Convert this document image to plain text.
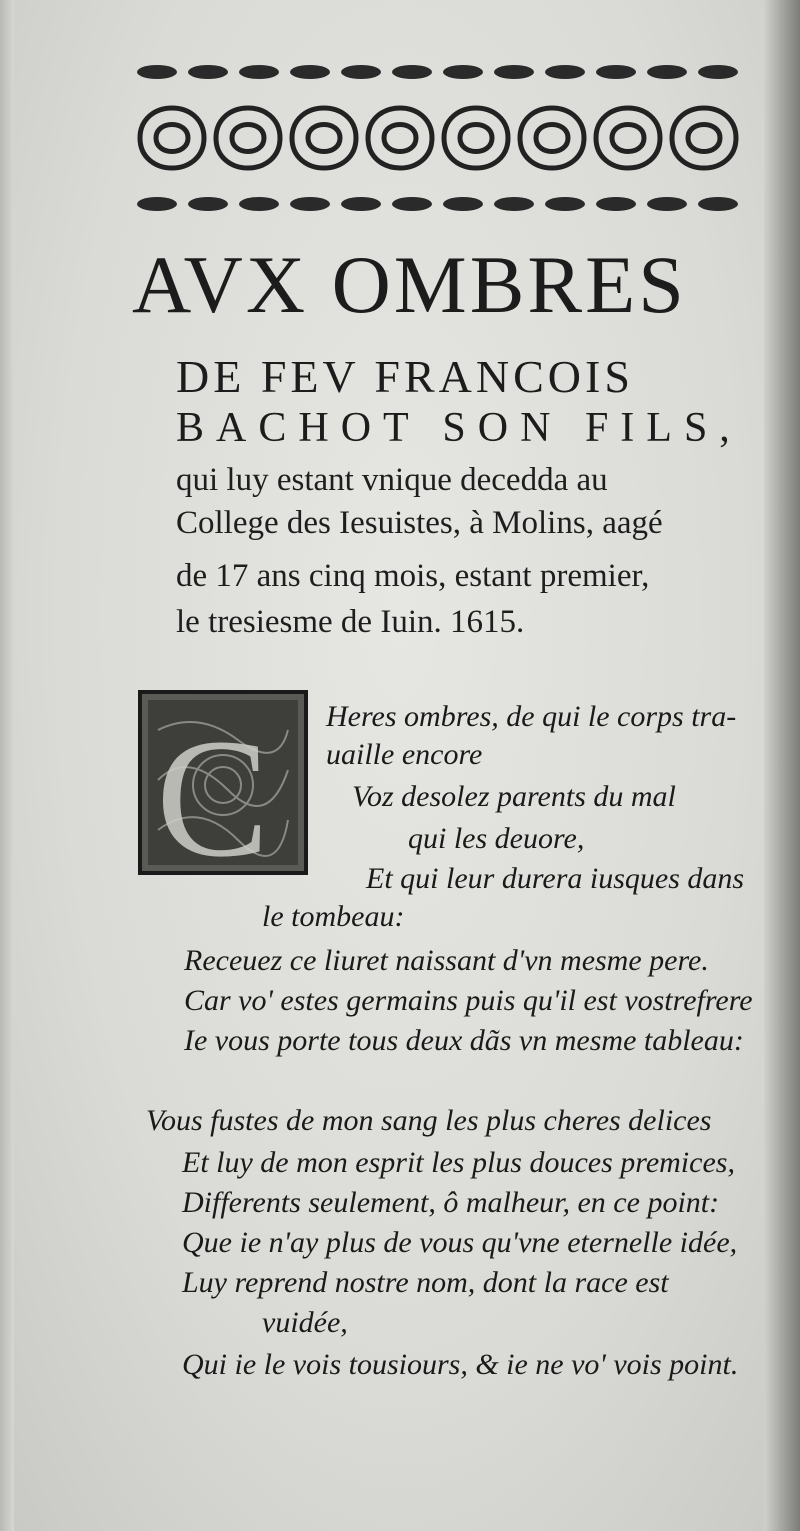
AVX OMBRES
DE FEV FRANCOIS
BACHOT SON FILS,
qui luy estant vnique decedda au
College des Iesuistes, à Molins, aagé
de 17 ans cinq mois, estant premier,
le tresiesme de Iuin. 1615.
C Heres ombres, de qui le corps tra-
uaille encore
Voz desolez parents du mal
qui les deuore,
Et qui leur durera iusques dans
le tombeau:
Receuez ce liuret naissant d'vn mesme pere.
Car vo' estes germains puis qu'il est vostrefrere
Ie vous porte tous deux dãs vn mesme tableau:
Vous fustes de mon sang les plus cheres delices
Et luy de mon esprit les plus douces premices,
Differents seulement, ô malheur, en ce point:
Que ie n'ay plus de vous qu'vne eternelle idée,
Luy reprend nostre nom, dont la race est
vuidée,
Qui ie le vois tousiours, & ie ne vo' vois point.
